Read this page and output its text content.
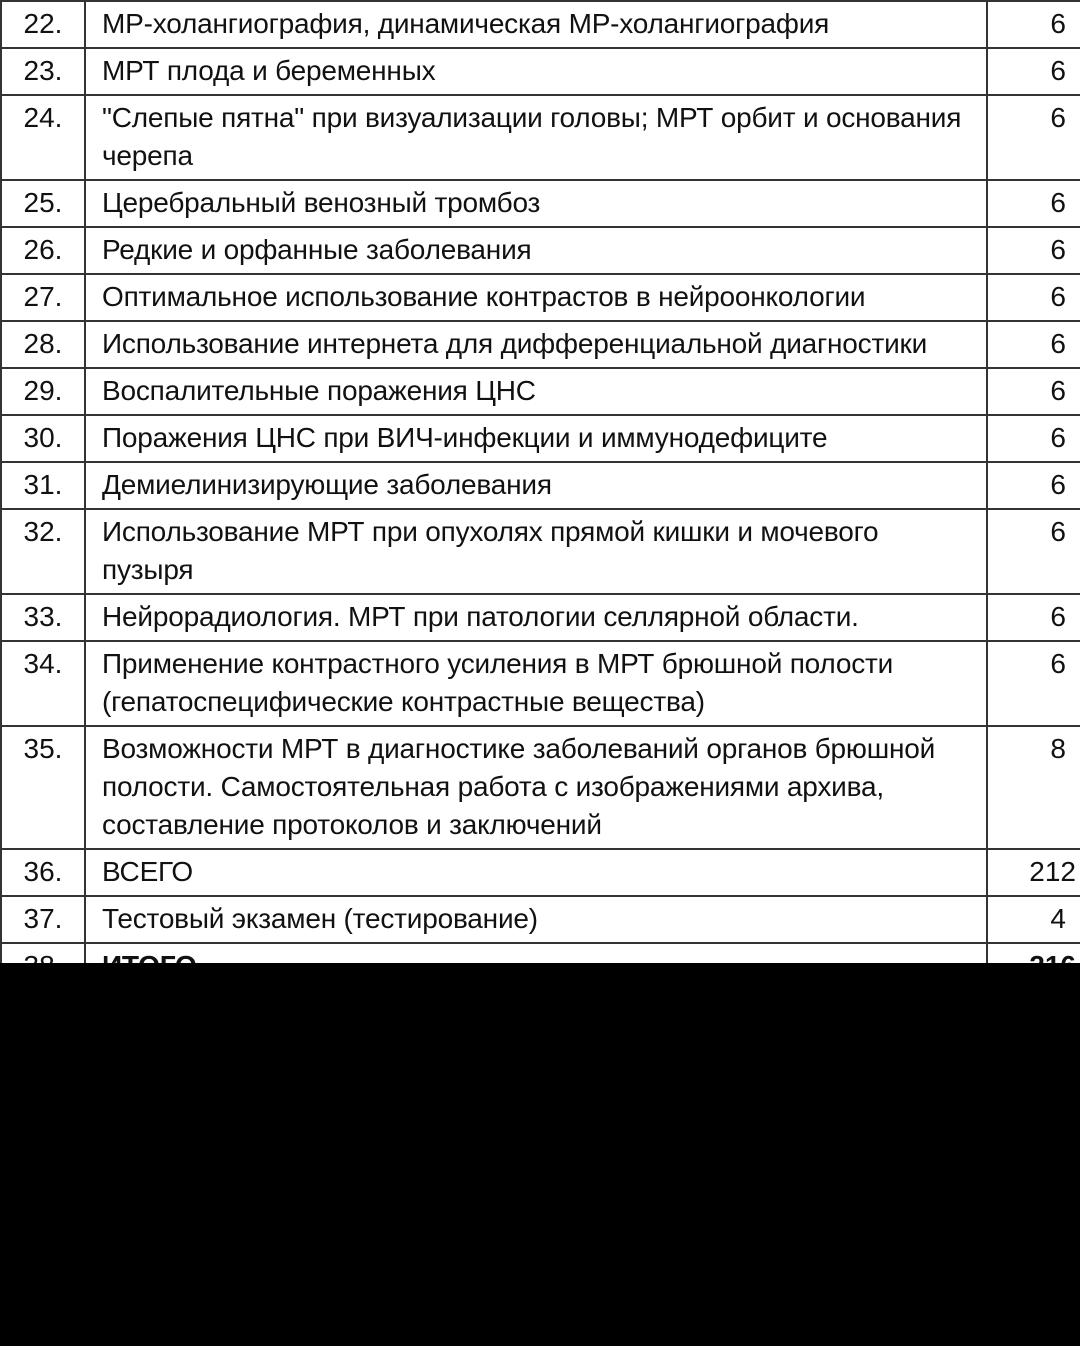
22.	МР-холангиография, динамическая МР-холангиография	6
23.	МРТ плода и беременных	6
24.	"Слепые пятна" при визуализации головы; МРТ орбит и основания черепа	6
25.	Церебральный венозный тромбоз	6
26.	Редкие и орфанные заболевания	6
27.	Оптимальное использование контрастов в нейроонкологии	6
28.	Использование интернета для дифференциальной диагностики	6
29.	Воспалительные поражения ЦНС	6
30.	Поражения ЦНС при ВИЧ-инфекции и иммунодефиците	6
31.	Демиелинизирующие заболевания	6
32.	Использование МРТ при опухолях прямой кишки и мочевого пузыря	6
33.	Нейрорадиология. МРТ при патологии селлярной области.	6
34.	Применение контрастного усиления в МРТ брюшной полости (гепатоспецифические контрастные вещества)	6
35.	Возможности МРТ в диагностике заболеваний органов брюшной полости. Самостоятельная работа с изображениями архива, составление протоколов и заключений	8
36.	ВСЕГО	212
37.	Тестовый экзамен (тестирование)	4
